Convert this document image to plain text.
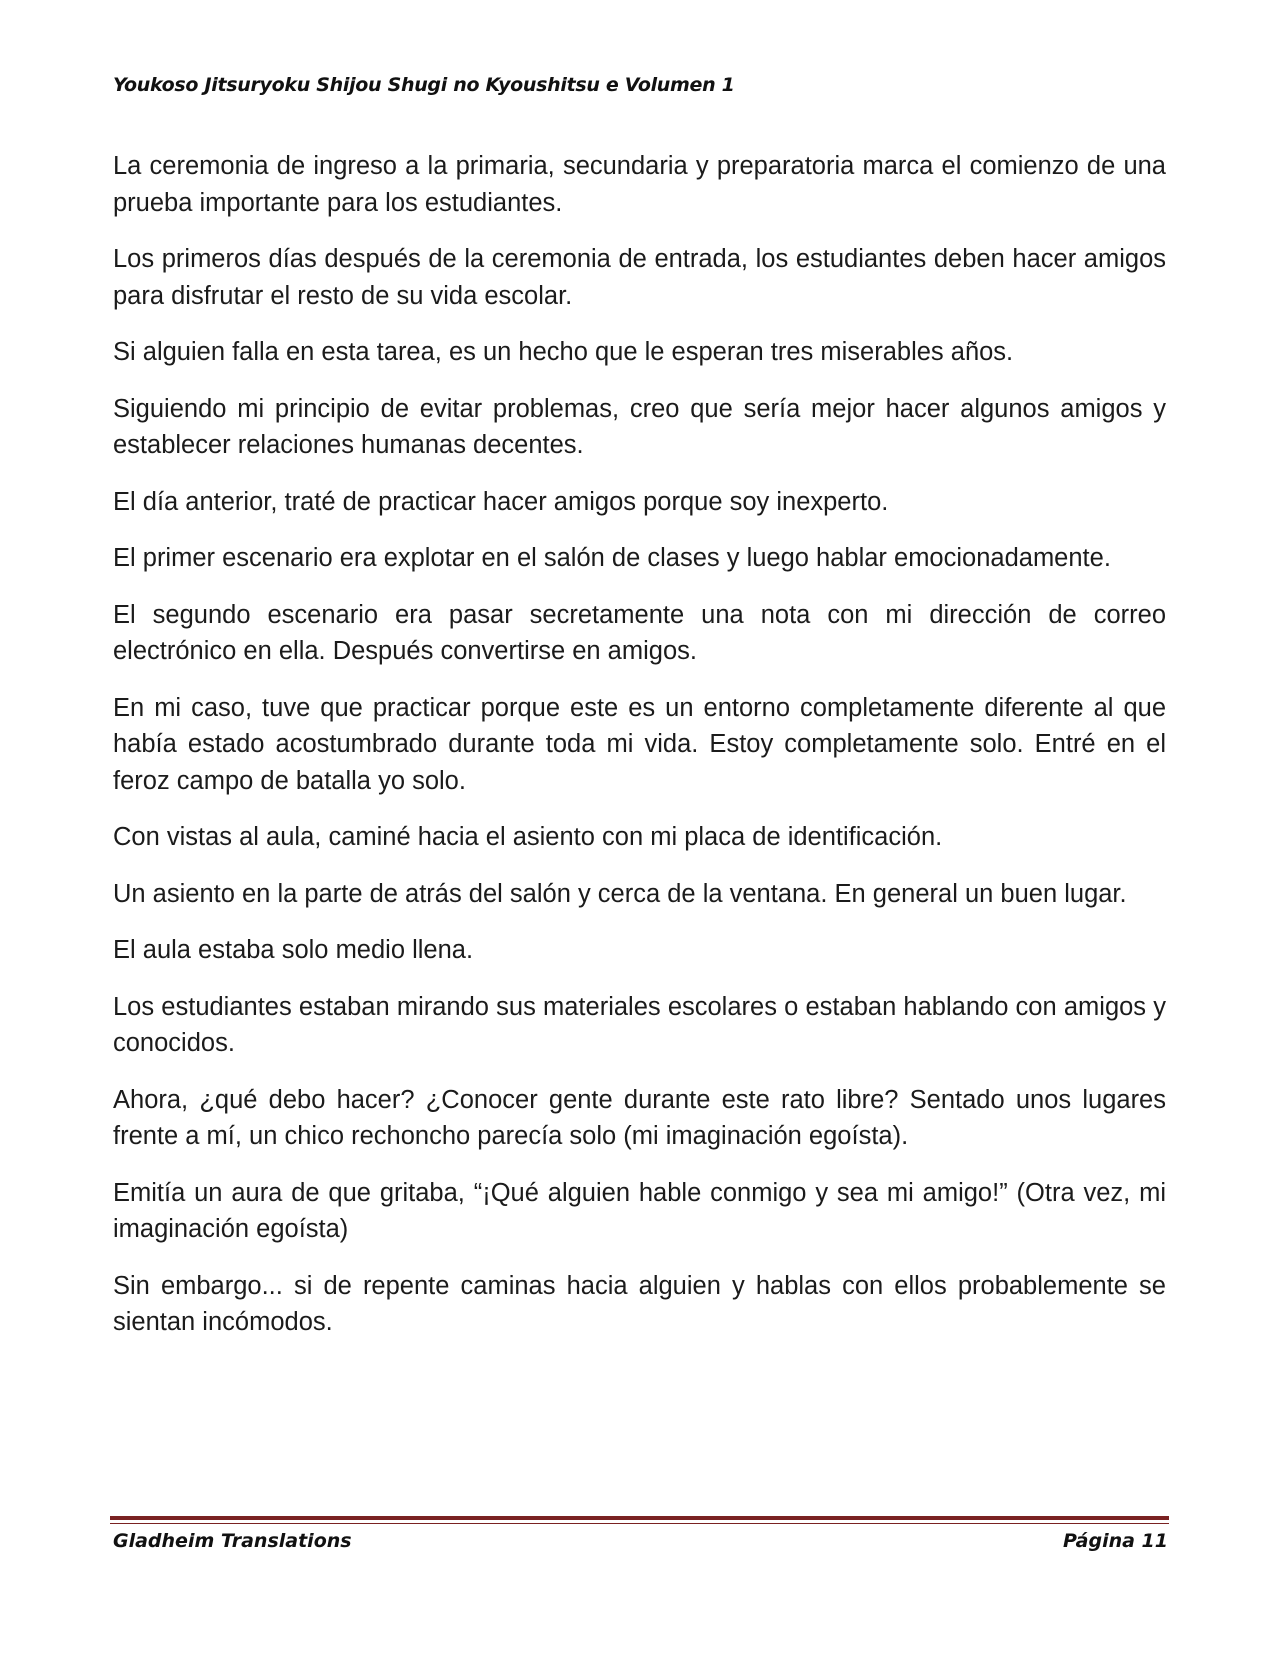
Youkoso Jitsuryoku Shijou Shugi no Kyoushitsu e Volumen 1

La ceremonia de ingreso a la primaria, secundaria y preparatoria marca el comienzo de una prueba importante para los estudiantes.

Los primeros días después de la ceremonia de entrada, los estudiantes deben hacer amigos para disfrutar el resto de su vida escolar.

Si alguien falla en esta tarea, es un hecho que le esperan tres miserables años.

Siguiendo mi principio de evitar problemas, creo que sería mejor hacer algunos amigos y establecer relaciones humanas decentes.

El día anterior, traté de practicar hacer amigos porque soy inexperto.

El primer escenario era explotar en el salón de clases y luego hablar emocionadamente.

El segundo escenario era pasar secretamente una nota con mi dirección de correo electrónico en ella. Después convertirse en amigos.

En mi caso, tuve que practicar porque este es un entorno completamente diferente al que había estado acostumbrado durante toda mi vida. Estoy completamente solo. Entré en el feroz campo de batalla yo solo.

Con vistas al aula, caminé hacia el asiento con mi placa de identificación.

Un asiento en la parte de atrás del salón y cerca de la ventana. En general un buen lugar.

El aula estaba solo medio llena.

Los estudiantes estaban mirando sus materiales escolares o estaban hablando con amigos y conocidos.

Ahora, ¿qué debo hacer? ¿Conocer gente durante este rato libre? Sentado unos lugares frente a mí, un chico rechoncho parecía solo (mi imaginación egoísta).

Emitía un aura de que gritaba, “¡Qué alguien hable conmigo y sea mi amigo!” (Otra vez, mi imaginación egoísta)

Sin embargo... si de repente caminas hacia alguien y hablas con ellos probablemente se sientan incómodos.

Gladheim Translations	Página 11
